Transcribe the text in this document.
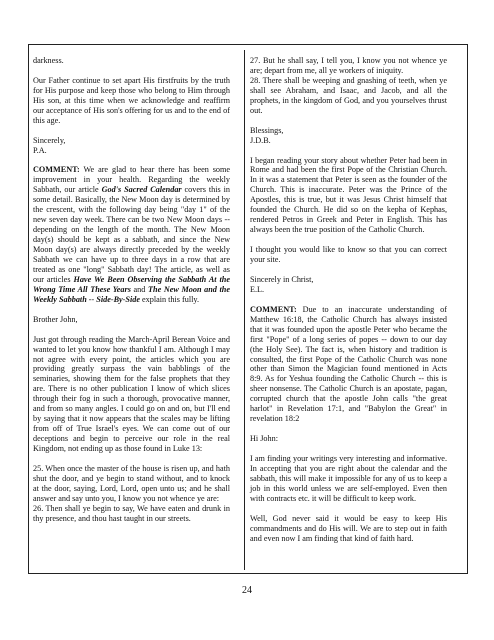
darkness.

Our Father continue to set apart His firstfruits by the truth for His purpose and keep those who belong to Him through His son, at this time when we acknowledge and reaffirm our acceptance of His son's offering for us and to the end of this age.

Sincerely,

P.A.

COMMENT: We are glad to hear there has been some improvement in your health. Regarding the weekly Sabbath, our article God's Sacred Calendar covers this in some detail. Basically, the New Moon day is determined by the crescent, with the following day being "day 1" of the new seven day week. There can be two New Moon days -- depending on the length of the month. The New Moon day(s) should be kept as a sabbath, and since the New Moon day(s) are always directly preceded by the weekly Sabbath we can have up to three days in a row that are treated as one "long" Sabbath day! The article, as well as our articles Have We Been Observing the Sabbath At the Wrong Time All These Years and The New Moon and the Weekly Sabbath -- Side-By-Side explain this fully.

Brother John,

Just got through reading the March-April Berean Voice and wanted to let you know how thankful I am. Although I may not agree with every point, the articles which you are providing greatly surpass the vain babblings of the seminaries, showing them for the false prophets that they are. There is no other publication I know of which slices through their fog in such a thorough, provocative manner, and from so many angles. I could go on and on, but I'll end by saying that it now appears that the scales may be lifting from off of True Israel's eyes. We can come out of our deceptions and begin to perceive our role in the real Kingdom, not ending up as those found in Luke 13:

25. When once the master of the house is risen up, and hath shut the door, and ye begin to stand without, and to knock at the door, saying, Lord, Lord, open unto us; and he shall answer and say unto you, I know you not whence ye are:

26. Then shall ye begin to say, We have eaten and drunk in thy presence, and thou hast taught in our streets.

27. But he shall say, I tell you, I know you not whence ye are; depart from me, all ye workers of iniquity.

28. There shall be weeping and gnashing of teeth, when ye shall see Abraham, and Isaac, and Jacob, and all the prophets, in the kingdom of God, and you yourselves thrust out.

Blessings,

J.D.B.

I began reading your story about whether Peter had been in Rome and had been the first Pope of the Christian Church. In it was a statement that Peter is seen as the founder of the Church. This is inaccurate. Peter was the Prince of the Apostles, this is true, but it was Jesus Christ himself that founded the Church. He did so on the kepha of Kephas, rendered Petros in Greek and Peter in English. This has always been the true position of the Catholic Church.

I thought you would like to know so that you can correct your site.

Sincerely in Christ,

E.L.

COMMENT: Due to an inaccurate understanding of Matthew 16:18, the Catholic Church has always insisted that it was founded upon the apostle Peter who became the first "Pope" of a long series of popes -- down to our day (the Holy See). The fact is, when history and tradition is consulted, the first Pope of the Catholic Church was none other than Simon the Magician found mentioned in Acts 8:9. As for Yeshua founding the Catholic Church -- this is sheer nonsense. The Catholic Church is an apostate, pagan, corrupted church that the apostle John calls "the great harlot" in Revelation 17:1, and "Babylon the Great" in revelation 18:2

Hi John:

I am finding your writings very interesting and informative. In accepting that you are right about the calendar and the sabbath, this will make it impossible for any of us to keep a job in this world unless we are self-employed. Even then with contracts etc. it will be difficult to keep work.

Well, God never said it would be easy to keep His commandments and do His will. We are to step out in faith and even now I am finding that kind of faith hard.

24
